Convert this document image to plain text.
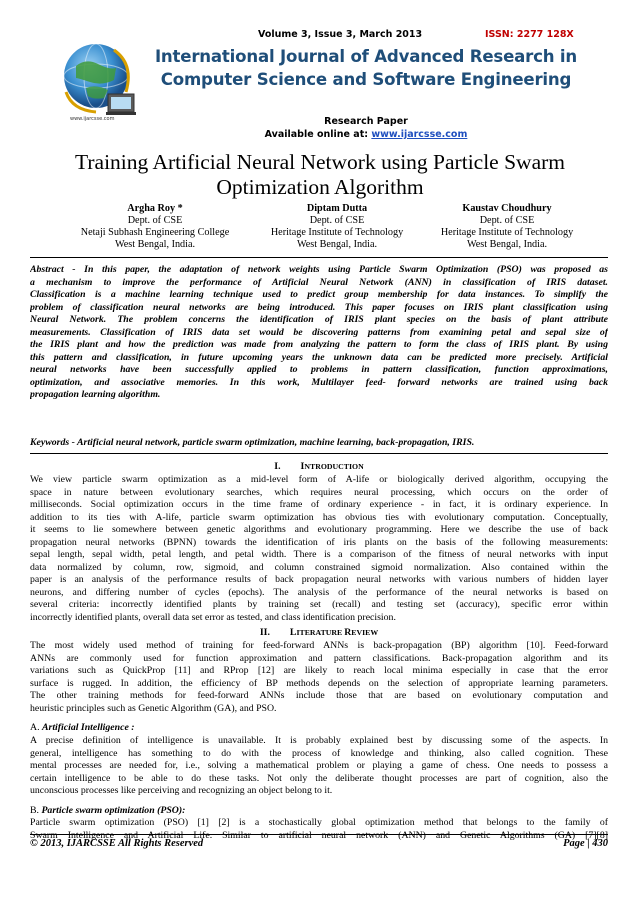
Volume 3, Issue 3, March 2013	ISSN: 2277 128X
www.ijarcsse.com
International Journal of Advanced Research in
Computer Science and Software Engineering
Research Paper
Available online at: www.ijarcsse.com
Training Artificial Neural Network using Particle Swarm
Optimization Algorithm
Argha Roy *
Dept. of CSE
Netaji Subhash Engineering College
West Bengal, India.
Diptam Dutta
Dept. of CSE
Heritage Institute of Technology
West Bengal, India.
Kaustav Choudhury
Dept. of CSE
Heritage Institute of Technology
West Bengal, India.
Abstract - In this paper, the adaptation of network weights using Particle Swarm Optimization (PSO) was proposed as
a mechanism to improve the performance of Artificial Neural Network (ANN) in classification of IRIS dataset.
Classification is a machine learning technique used to predict group membership for data instances. To simplify the
problem of classification neural networks are being introduced. This paper focuses on IRIS plant classification using
Neural Network. The problem concerns the identification of IRIS plant species on the basis of plant attribute
measurements. Classification of IRIS data set would be discovering patterns from examining petal and sepal size of
the IRIS plant and how the prediction was made from analyzing the pattern to form the class of IRIS plant. By using
this pattern and classification, in future upcoming years the unknown data can be predicted more precisely. Artificial
neural networks have been successfully applied to problems in pattern classification, function approximations,
optimization, and associative memories. In this work, Multilayer feed- forward networks are trained using back
propagation learning algorithm.
Keywords - Artificial neural network, particle swarm optimization, machine learning, back-propagation, IRIS.
I. INTRODUCTION
We view particle swarm optimization as a mid-level form of A-life or biologically derived algorithm, occupying the
space in nature between evolutionary searches, which requires neural processing, which occurs on the order of
milliseconds. Social optimization occurs in the time frame of ordinary experience - in fact, it is ordinary experience. In
addition to its ties with A-life, particle swarm optimization has obvious ties with evolutionary computation. Conceptually,
it seems to lie somewhere between genetic algorithms and evolutionary programming. Here we describe the use of back
propagation neural networks (BPNN) towards the identification of iris plants on the basis of the following measurements:
sepal length, sepal width, petal length, and petal width. There is a comparison of the fitness of neural networks with input
data normalized by column, row, sigmoid, and column constrained sigmoid normalization. Also contained within the
paper is an analysis of the performance results of back propagation neural networks with various numbers of hidden layer
neurons, and differing number of cycles (epochs). The analysis of the performance of the neural networks is based on
several criteria: incorrectly identified plants by training set (recall) and testing set (accuracy), specific error within
incorrectly identified plants, overall data set error as tested, and class identification precision.
II. LITERATURE REVIEW
The most widely used method of training for feed-forward ANNs is back-propagation (BP) algorithm [10]. Feed-forward
ANNs are commonly used for function approximation and pattern classifications. Back-propagation algorithm and its
variations such as QuickProp [11] and RProp [12] are likely to reach local minima especially in case that the error
surface is rugged. In addition, the efficiency of BP methods depends on the selection of appropriate learning parameters.
The other training methods for feed-forward ANNs include those that are based on evolutionary computation and
heuristic principles such as Genetic Algorithm (GA), and PSO.
A. Artificial Intelligence :
A precise definition of intelligence is unavailable. It is probably explained best by discussing some of the aspects. In
general, intelligence has something to do with the process of knowledge and thinking, also called cognition. These
mental processes are needed for, i.e., solving a mathematical problem or playing a game of chess. One needs to possess a
certain intelligence to be able to do these tasks. Not only the deliberate thought processes are part of cognition, also the
unconscious processes like perceiving and recognizing an object belong to it.
B. Particle swarm optimization (PSO):
Particle swarm optimization (PSO) [1] [2] is a stochastically global optimization method that belongs to the family of
Swarm Intelligence and Artificial Life. Similar to artificial neural network (ANN) and Genetic Algorithms (GA) [7][8]
© 2013, IJARCSSE All Rights Reserved	Page | 430
